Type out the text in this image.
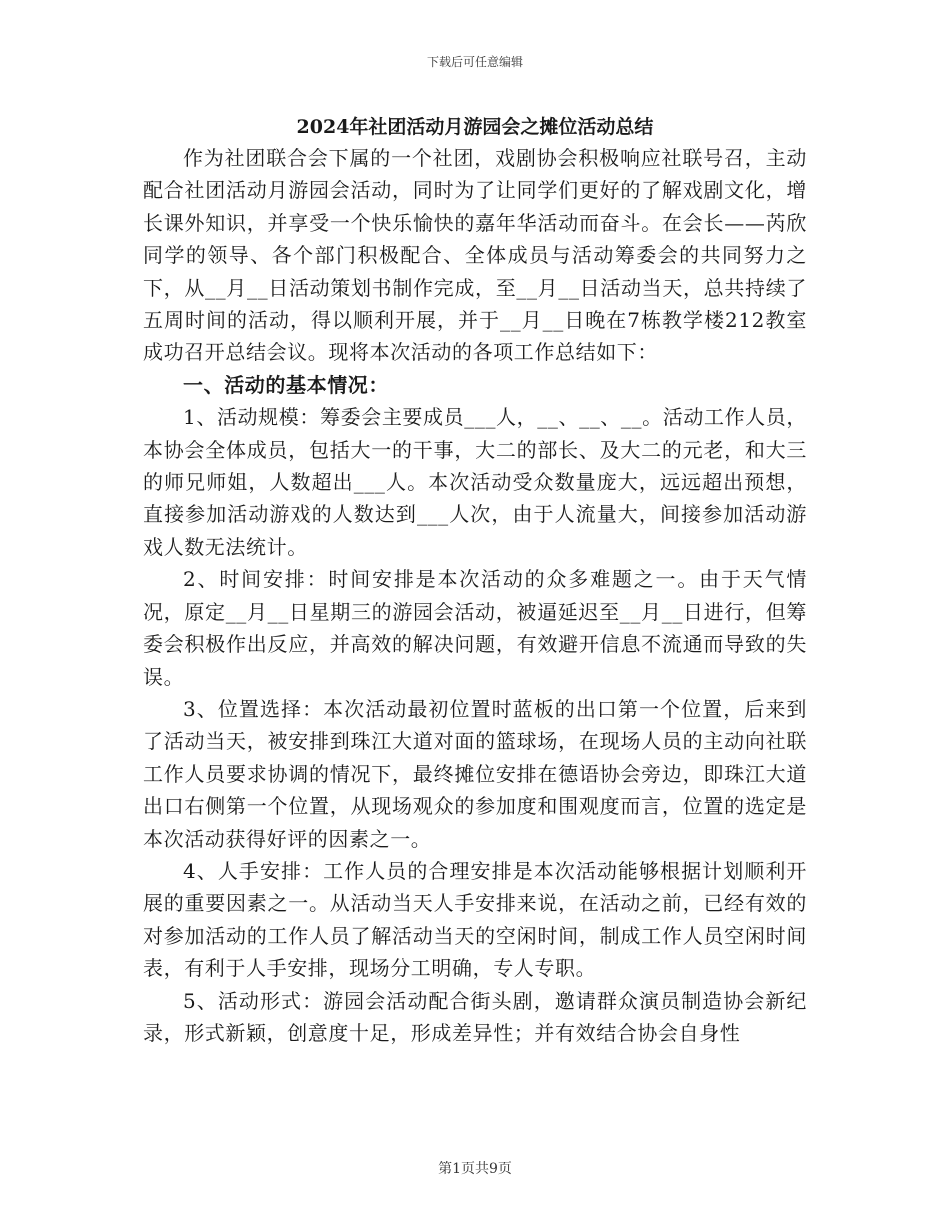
下载后可任意编辑
2024年社团活动月游园会之摊位活动总结

作为社团联合会下属的一个社团，戏剧协会积极响应社联号召，主动配合社团活动月游园会活动，同时为了让同学们更好的了解戏剧文化，增长课外知识，并享受一个快乐愉快的嘉年华活动而奋斗。在会长——芮欣同学的领导、各个部门积极配合、全体成员与活动筹委会的共同努力之下，从__月__日活动策划书制作完成，至__月__日活动当天，总共持续了五周时间的活动，得以顺利开展，并于__月__日晚在7栋教学楼212教室成功召开总结会议。现将本次活动的各项工作总结如下：

一、活动的基本情况：

1、活动规模：筹委会主要成员___人，__、__、__。活动工作人员，本协会全体成员，包括大一的干事，大二的部长、及大二的元老，和大三的师兄师姐，人数超出___人。本次活动受众数量庞大，远远超出预想，直接参加活动游戏的人数达到___人次，由于人流量大，间接参加活动游戏人数无法统计。

2、时间安排：时间安排是本次活动的众多难题之一。由于天气情况，原定__月__日星期三的游园会活动，被逼延迟至__月__日进行，但筹委会积极作出反应，并高效的解决问题，有效避开信息不流通而导致的失误。

3、位置选择：本次活动最初位置时蓝板的出口第一个位置，后来到了活动当天，被安排到珠江大道对面的篮球场，在现场人员的主动向社联工作人员要求协调的情况下，最终摊位安排在德语协会旁边，即珠江大道出口右侧第一个位置，从现场观众的参加度和围观度而言，位置的选定是本次活动获得好评的因素之一。

4、人手安排：工作人员的合理安排是本次活动能够根据计划顺利开展的重要因素之一。从活动当天人手安排来说，在活动之前，已经有效的对参加活动的工作人员了解活动当天的空闲时间，制成工作人员空闲时间表，有利于人手安排，现场分工明确，专人专职。

5、活动形式：游园会活动配合街头剧，邀请群众演员制造协会新纪录，形式新颖，创意度十足，形成差异性；并有效结合协会自身性

第1页共9页
